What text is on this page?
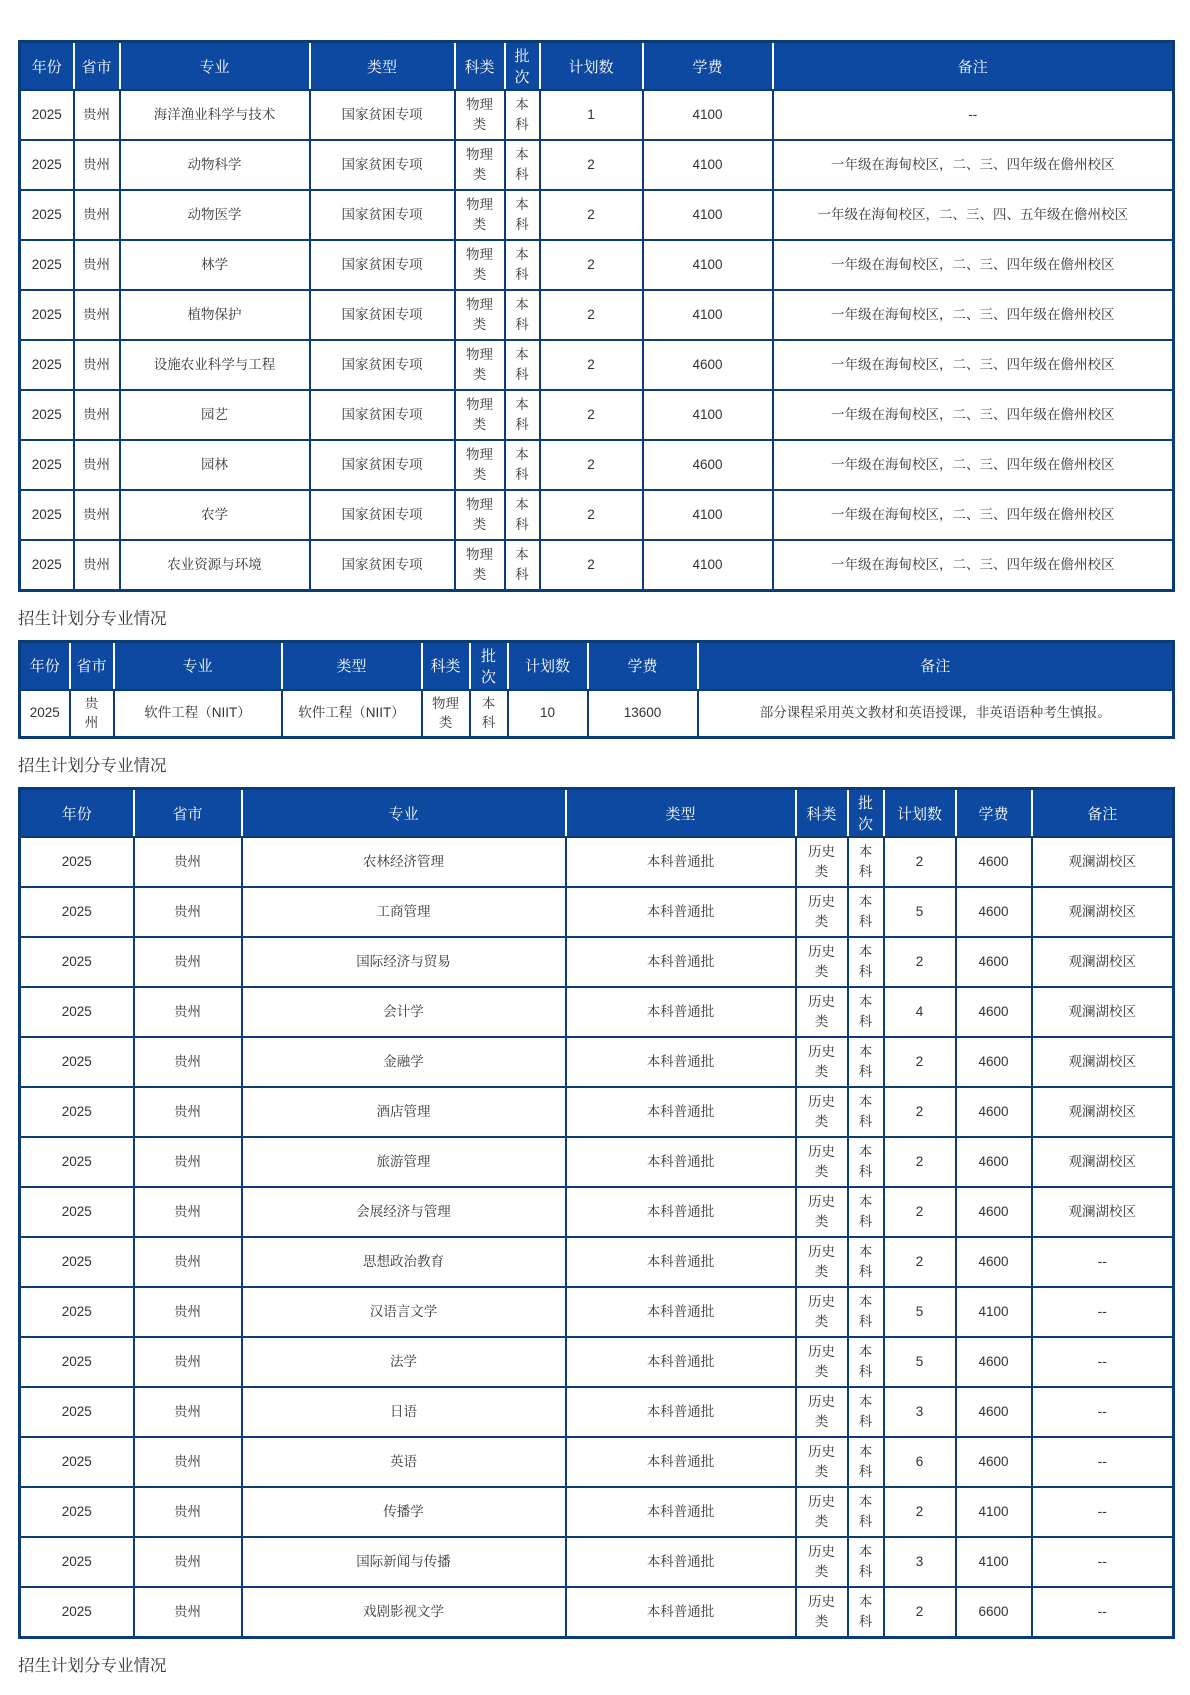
年份	省市	专业	类型	科类	批次	计划数	学费	备注
2025	贵州	海洋渔业科学与技术	国家贫困专项	物理类	本科	1	4100	--
2025	贵州	动物科学	国家贫困专项	物理类	本科	2	4100	一年级在海甸校区，二、三、四年级在儋州校区
2025	贵州	动物医学	国家贫困专项	物理类	本科	2	4100	一年级在海甸校区，二、三、四、五年级在儋州校区
2025	贵州	林学	国家贫困专项	物理类	本科	2	4100	一年级在海甸校区，二、三、四年级在儋州校区
2025	贵州	植物保护	国家贫困专项	物理类	本科	2	4100	一年级在海甸校区，二、三、四年级在儋州校区
2025	贵州	设施农业科学与工程	国家贫困专项	物理类	本科	2	4600	一年级在海甸校区，二、三、四年级在儋州校区
2025	贵州	园艺	国家贫困专项	物理类	本科	2	4100	一年级在海甸校区，二、三、四年级在儋州校区
2025	贵州	园林	国家贫困专项	物理类	本科	2	4600	一年级在海甸校区，二、三、四年级在儋州校区
2025	贵州	农学	国家贫困专项	物理类	本科	2	4100	一年级在海甸校区，二、三、四年级在儋州校区
2025	贵州	农业资源与环境	国家贫困专项	物理类	本科	2	4100	一年级在海甸校区，二、三、四年级在儋州校区
招生计划分专业情况
年份	省市	专业	类型	科类	批次	计划数	学费	备注
2025	贵州	软件工程（NIIT）	软件工程（NIIT）	物理类	本科	10	13600	部分课程采用英文教材和英语授课，非英语语种考生慎报。
招生计划分专业情况
年份	省市	专业	类型	科类	批次	计划数	学费	备注
2025	贵州	农林经济管理	本科普通批	历史类	本科	2	4600	观澜湖校区
2025	贵州	工商管理	本科普通批	历史类	本科	5	4600	观澜湖校区
2025	贵州	国际经济与贸易	本科普通批	历史类	本科	2	4600	观澜湖校区
2025	贵州	会计学	本科普通批	历史类	本科	4	4600	观澜湖校区
2025	贵州	金融学	本科普通批	历史类	本科	2	4600	观澜湖校区
2025	贵州	酒店管理	本科普通批	历史类	本科	2	4600	观澜湖校区
2025	贵州	旅游管理	本科普通批	历史类	本科	2	4600	观澜湖校区
2025	贵州	会展经济与管理	本科普通批	历史类	本科	2	4600	观澜湖校区
2025	贵州	思想政治教育	本科普通批	历史类	本科	2	4600	--
2025	贵州	汉语言文学	本科普通批	历史类	本科	5	4100	--
2025	贵州	法学	本科普通批	历史类	本科	5	4600	--
2025	贵州	日语	本科普通批	历史类	本科	3	4600	--
2025	贵州	英语	本科普通批	历史类	本科	6	4600	--
2025	贵州	传播学	本科普通批	历史类	本科	2	4100	--
2025	贵州	国际新闻与传播	本科普通批	历史类	本科	3	4100	--
2025	贵州	戏剧影视文学	本科普通批	历史类	本科	2	6600	--
招生计划分专业情况
